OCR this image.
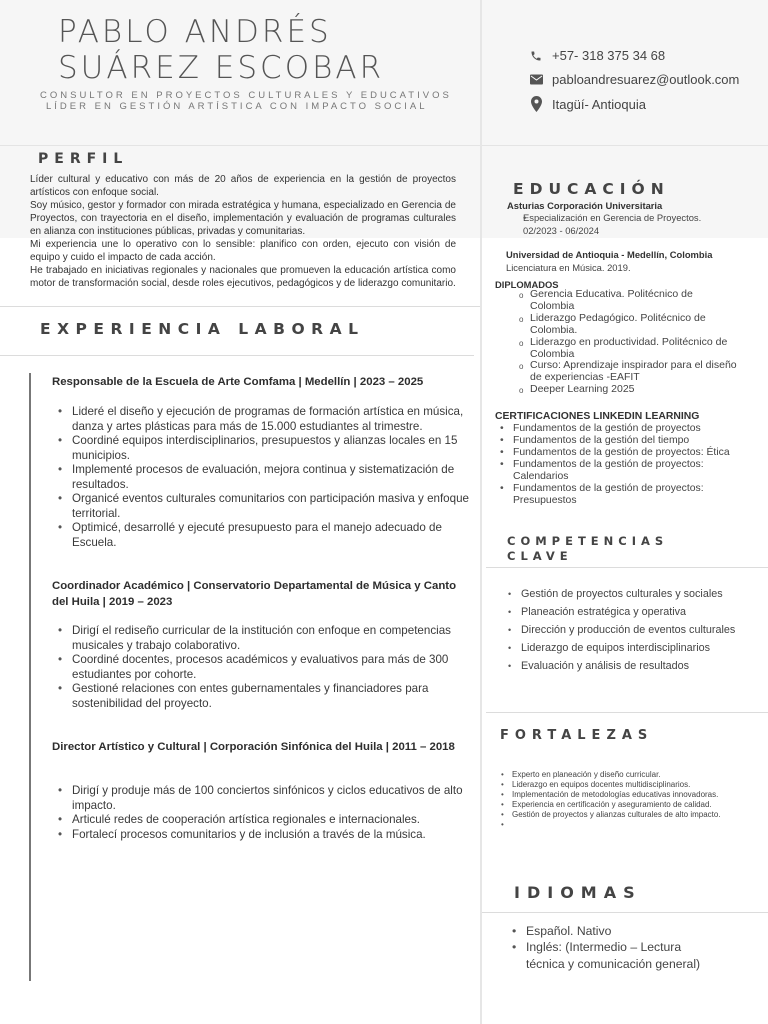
PABLO ANDRÉS
SUÁREZ ESCOBAR
CONSULTOR EN PROYECTOS CULTURALES Y EDUCATIVOS
LÍDER EN GESTIÓN ARTÍSTICA CON IMPACTO SOCIAL
+57- 318 375 34 68
pabloandresuarez@outlook.com
Itagüí- Antioquia
PERFIL
Líder cultural y educativo con más de 20 años de experiencia en la gestión de proyectos artísticos con enfoque social.
Soy músico, gestor y formador con mirada estratégica y humana, especializado en Gerencia de Proyectos, con trayectoria en el diseño, implementación y evaluación de programas culturales en alianza con instituciones públicas, privadas y comunitarias.
Mi experiencia une lo operativo con lo sensible: planifico con orden, ejecuto con visión de equipo y cuido el impacto de cada acción.
He trabajado en iniciativas regionales y nacionales que promueven la educación artística como motor de transformación social, desde roles ejecutivos, pedagógicos y de liderazgo comunitario.
EXPERIENCIA LABORAL
Responsable de la Escuela de Arte Comfama | Medellín | 2023 – 2025
• Lideré el diseño y ejecución de programas de formación artística en música, danza y artes plásticas para más de 15.000 estudiantes al trimestre.
• Coordiné equipos interdisciplinarios, presupuestos y alianzas locales en 15 municipios.
• Implementé procesos de evaluación, mejora continua y sistematización de resultados.
• Organicé eventos culturales comunitarios con participación masiva y enfoque territorial.
• Optimicé, desarrollé y ejecuté presupuesto para el manejo adecuado de Escuela.
Coordinador Académico | Conservatorio Departamental de Música y Canto del Huila | 2019 – 2023
• Dirigí el rediseño curricular de la institución con enfoque en competencias musicales y trabajo colaborativo.
• Coordiné docentes, procesos académicos y evaluativos para más de 300 estudiantes por cohorte.
• Gestioné relaciones con entes gubernamentales y financiadores para sostenibilidad del proyecto.
Director Artístico y Cultural | Corporación Sinfónica del Huila | 2011 – 2018
• Dirigí y produje más de 100 conciertos sinfónicos y ciclos educativos de alto impacto.
• Articulé redes de cooperación artística regionales e internacionales.
• Fortalecí procesos comunitarios y de inclusión a través de la música.
EDUCACIÓN
Asturias Corporación Universitaria
• Especialización en Gerencia de Proyectos.
02/2023 - 06/2024
Universidad de Antioquia - Medellín, Colombia
Licenciatura en Música. 2019.
DIPLOMADOS
o Gerencia Educativa. Politécnico de Colombia
o Liderazgo Pedagógico. Politécnico de Colombia.
o Liderazgo en productividad. Politécnico de Colombia
o Curso: Aprendizaje inspirador para el diseño de experiencias -EAFIT
o Deeper Learning 2025
CERTIFICACIONES LINKEDIN LEARNING
• Fundamentos de la gestión de proyectos
• Fundamentos de la gestión del tiempo
• Fundamentos de la gestión de proyectos: Ética
• Fundamentos de la gestión de proyectos: Calendarios
• Fundamentos de la gestión de proyectos: Presupuestos
COMPETENCIAS
CLAVE
• Gestión de proyectos culturales y sociales
• Planeación estratégica y operativa
• Dirección y producción de eventos culturales
• Liderazgo de equipos interdisciplinarios
• Evaluación y análisis de resultados
FORTALEZAS
• Experto en planeación y diseño curricular.
• Liderazgo en equipos docentes multidisciplinarios.
• Implementación de metodologías educativas innovadoras.
• Experiencia en certificación y aseguramiento de calidad.
• Gestión de proyectos y alianzas culturales de alto impacto.
•
IDIOMAS
• Español. Nativo
• Inglés: (Intermedio – Lectura técnica y comunicación general)
